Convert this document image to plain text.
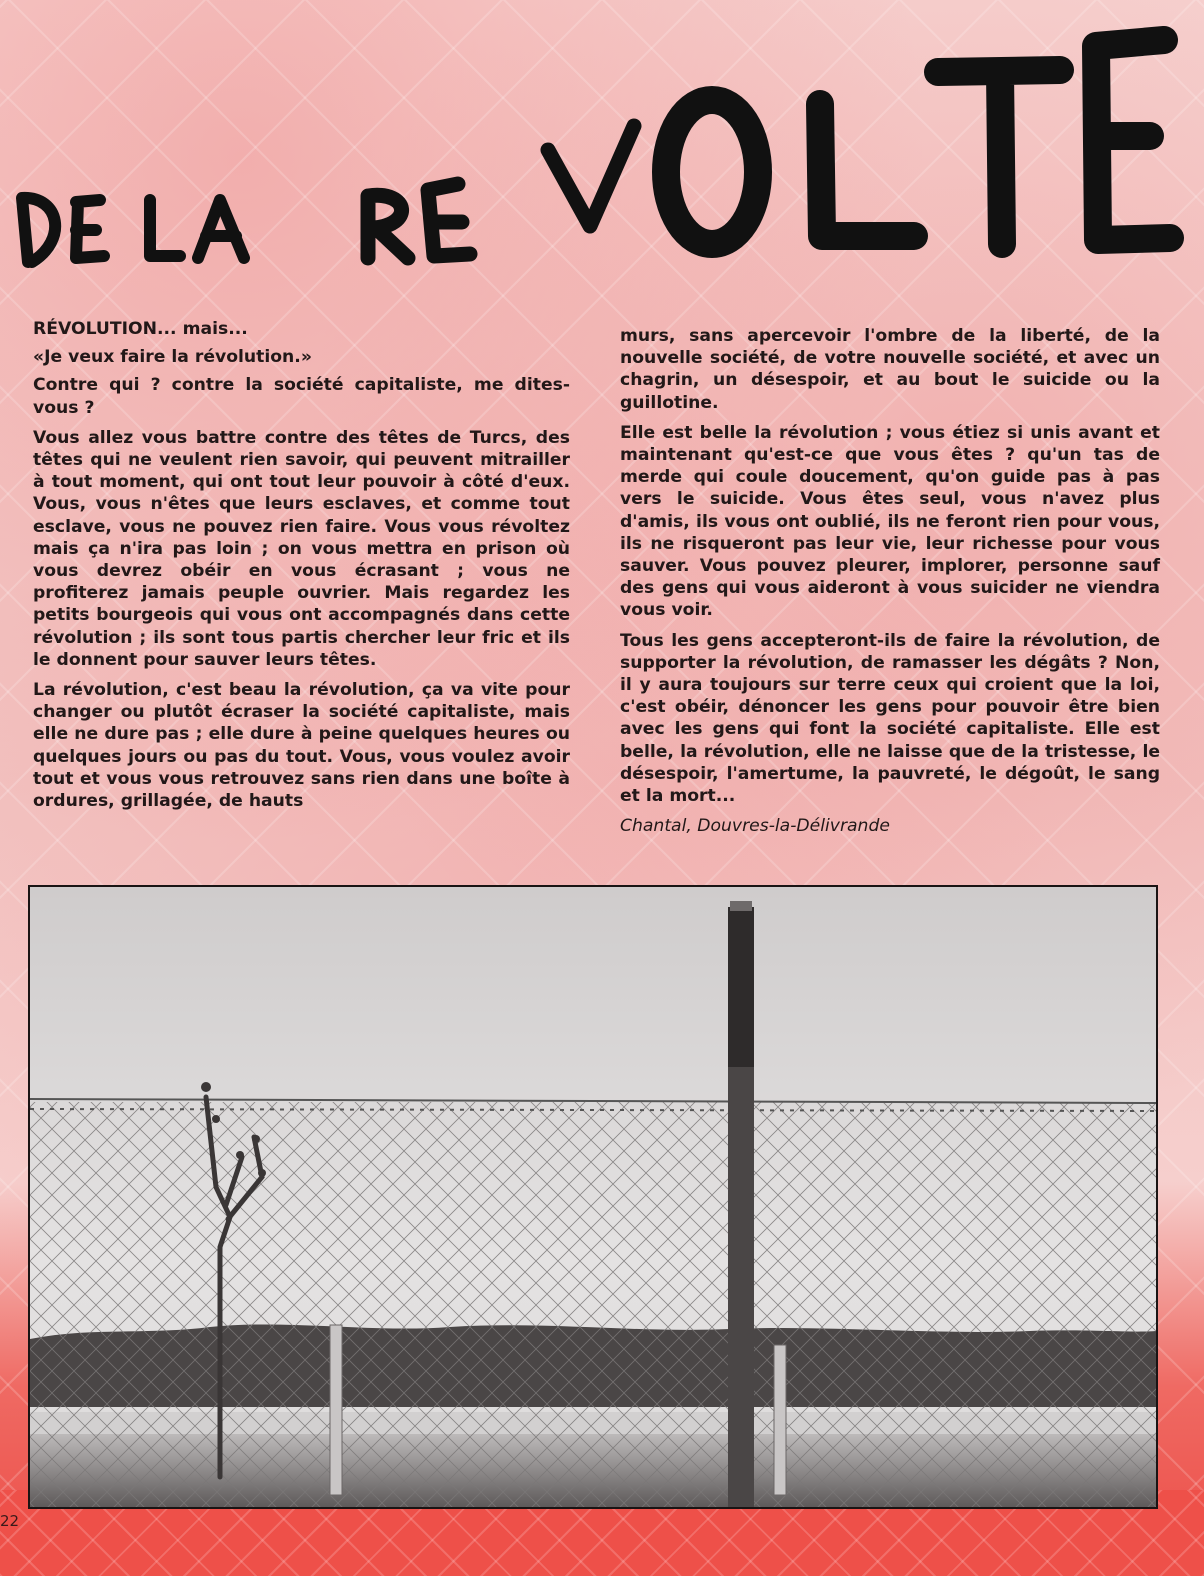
RÉVOLUTION... mais...

«Je veux faire la révolution.»

Contre qui ? contre la société capitaliste, me dites-vous ?

Vous allez vous battre contre des têtes de Turcs, des têtes qui ne veulent rien savoir, qui peuvent mitrailler à tout moment, qui ont tout leur pouvoir à côté d'eux. Vous, vous n'êtes que leurs esclaves, et comme tout esclave, vous ne pouvez rien faire. Vous vous révoltez mais ça n'ira pas loin ; on vous mettra en prison où vous devrez obéir en vous écrasant ; vous ne profiterez jamais peuple ouvrier. Mais regardez les petits bourgeois qui vous ont accompagnés dans cette révolution ; ils sont tous partis chercher leur fric et ils le donnent pour sauver leurs têtes.

La révolution, c'est beau la révolution, ça va vite pour changer ou plutôt écraser la société capitaliste, mais elle ne dure pas ; elle dure à peine quelques heures ou quelques jours ou pas du tout. Vous, vous voulez avoir tout et vous vous retrouvez sans rien dans une boîte à ordures, grillagée, de hauts

murs, sans apercevoir l'ombre de la liberté, de la nouvelle société, de votre nouvelle société, et avec un chagrin, un désespoir, et au bout le suicide ou la guillotine.

Elle est belle la révolution ; vous étiez si unis avant et maintenant qu'est-ce que vous êtes ? qu'un tas de merde qui coule doucement, qu'on guide pas à pas vers le suicide. Vous êtes seul, vous n'avez plus d'amis, ils vous ont oublié, ils ne feront rien pour vous, ils ne risqueront pas leur vie, leur richesse pour vous sauver. Vous pouvez pleurer, implorer, personne sauf des gens qui vous aideront à vous suicider ne viendra vous voir.

Tous les gens accepteront-ils de faire la révolution, de supporter la révolution, de ramasser les dégâts ? Non, il y aura toujours sur terre ceux qui croient que la loi, c'est obéir, dénoncer les gens pour pouvoir être bien avec les gens qui font la société capitaliste. Elle est belle, la révolution, elle ne laisse que de la tristesse, le désespoir, l'amertume, la pauvreté, le dégoût, le sang et la mort...

Chantal, Douvres-la-Délivrande

22
